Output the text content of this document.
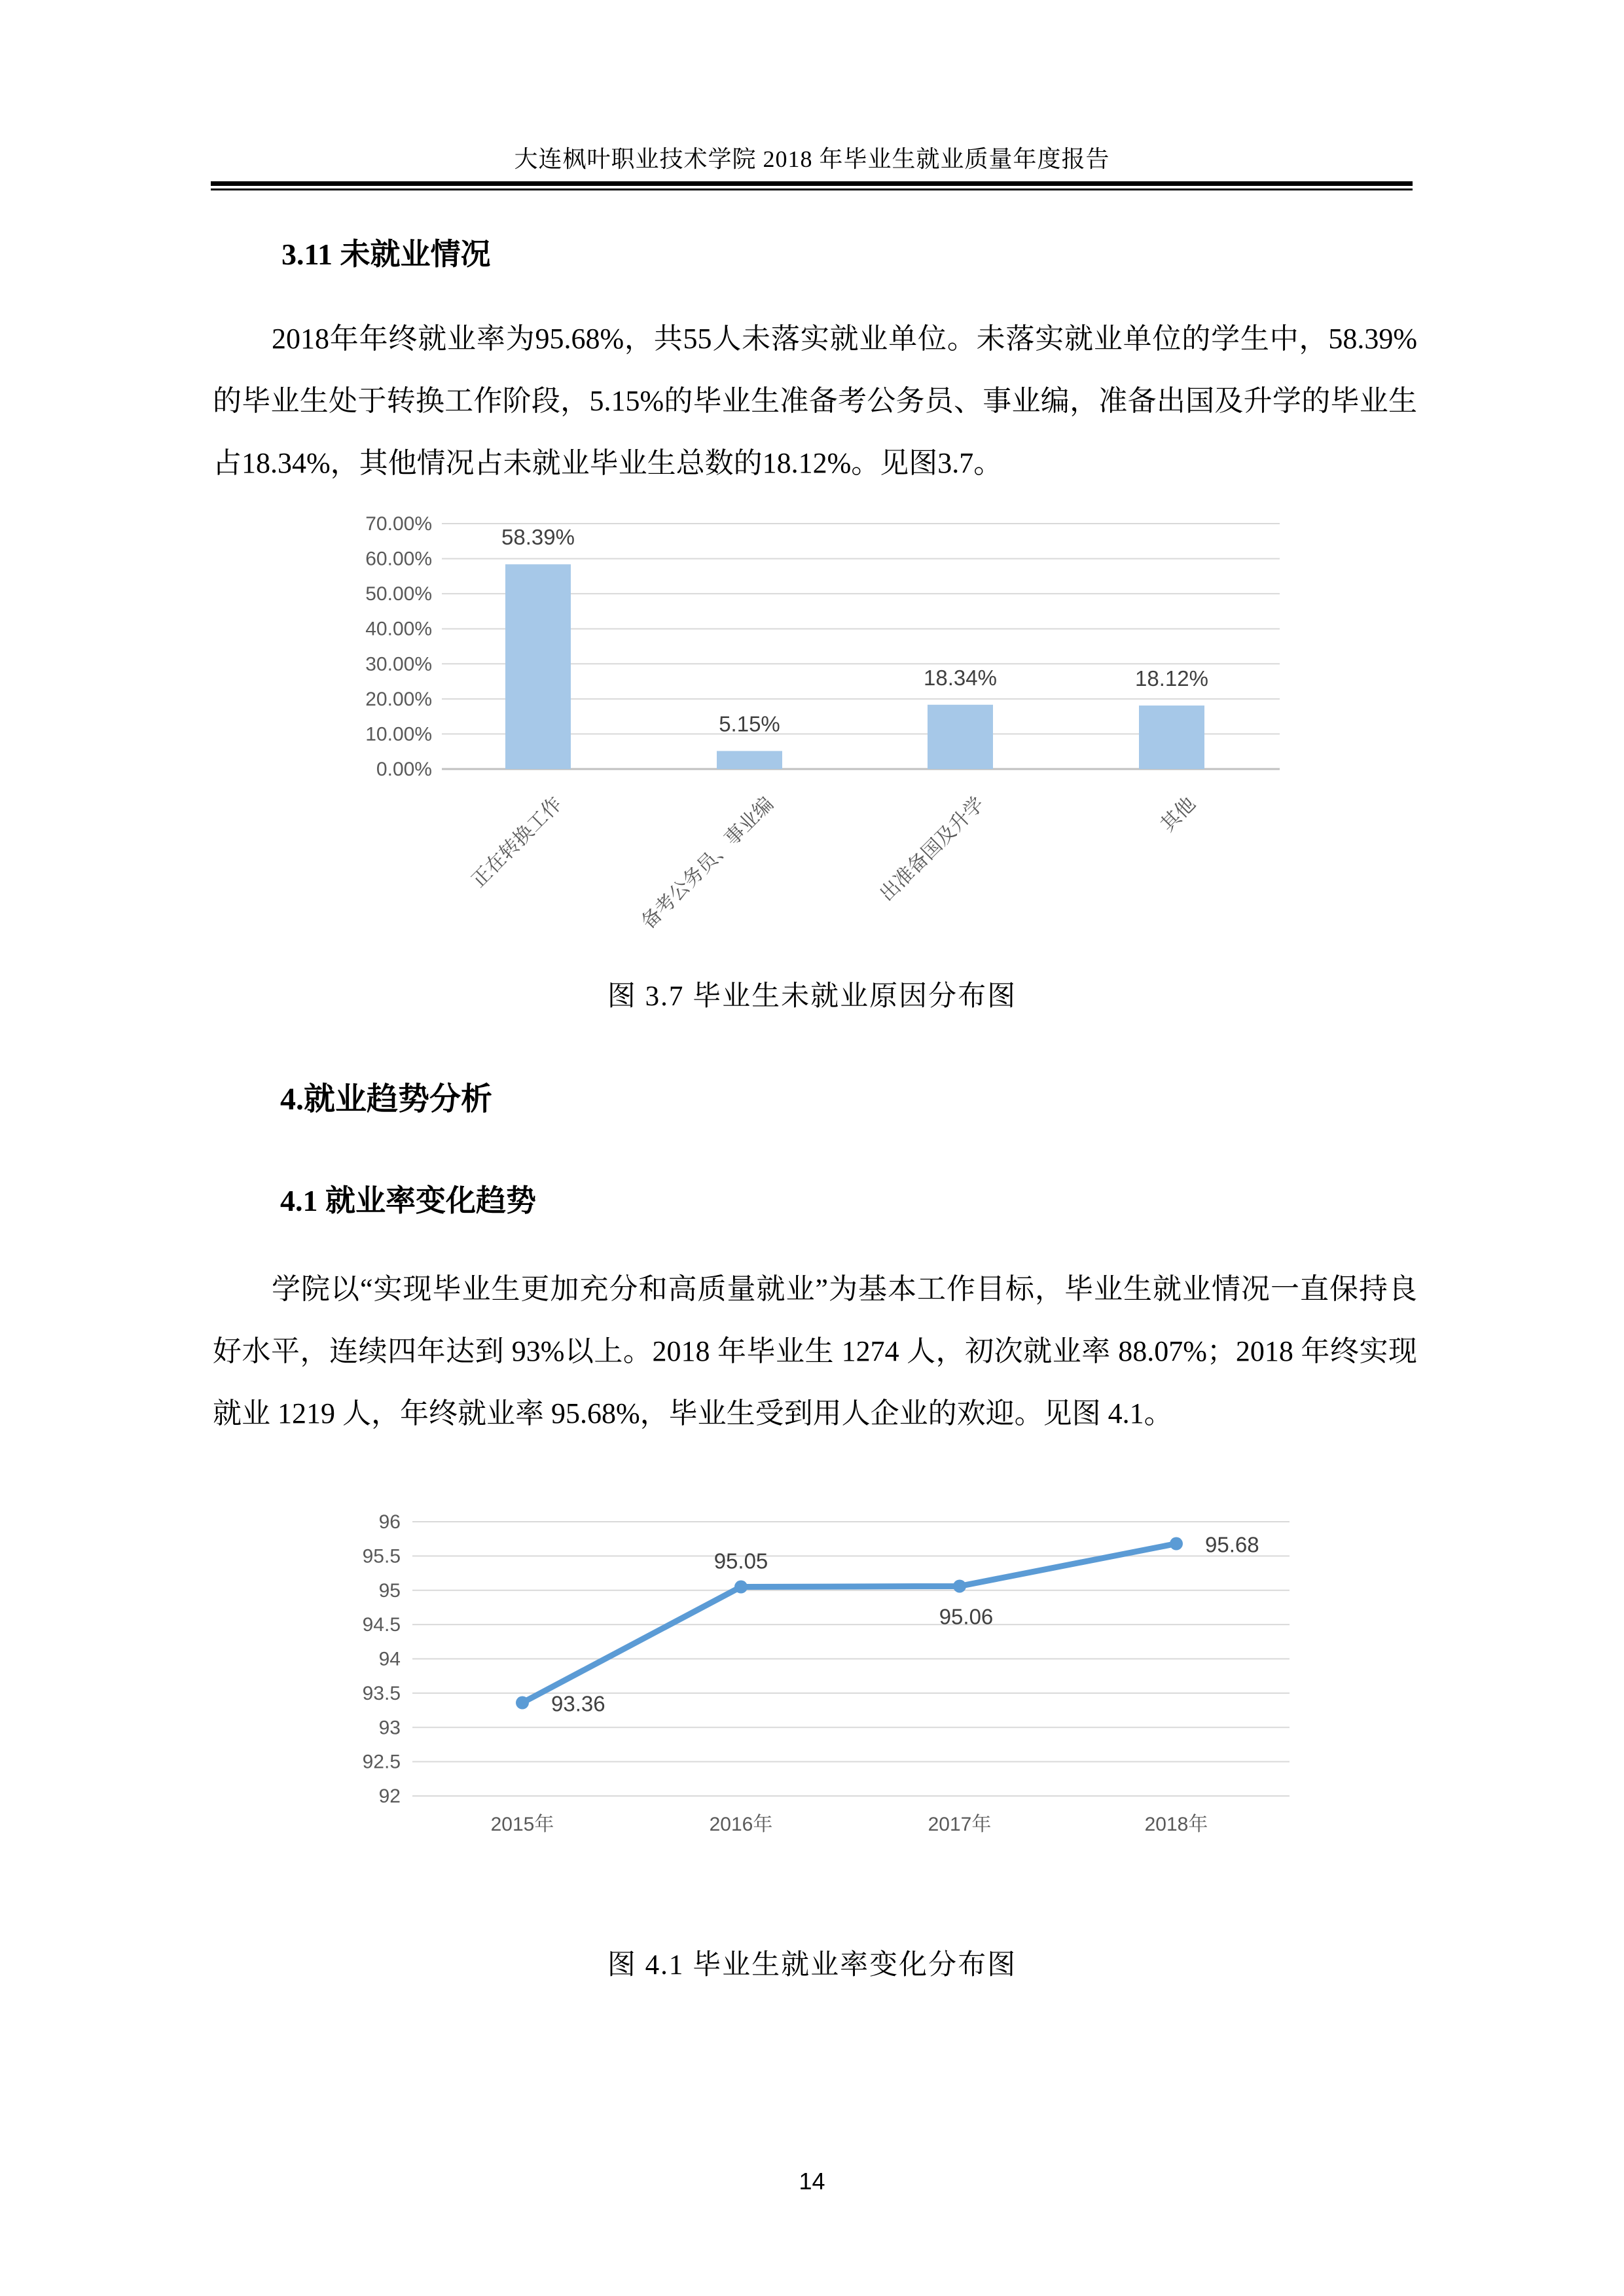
大连枫叶职业技术学院 2018 年毕业生就业质量年度报告
3.11 未就业情况

2018年年终就业率为95.68%，共55人未落实就业单位。未落实就业单位的学生中，58.39%的毕业生处于转换工作阶段，5.15%的毕业生准备考公务员、事业编，准备出国及升学的毕业生占18.34%，其他情况占未就业毕业生总数的18.12%。见图3.7。

0.00%
10.00%
20.00%
30.00%
40.00%
50.00%
60.00%
70.00%
58.39%
正在转换工作
5.15%
备考公务员、事业编
18.34%
出准备国及升学
18.12%
其他
图 3.7 毕业生未就业原因分布图
4.就业趋势分析
4.1 就业率变化趋势

学院以“实现毕业生更加充分和高质量就业”为基本工作目标，毕业生就业情况一直保持良好水平，连续四年达到 93%以上。2018 年毕业生 1274 人，初次就业率 88.07%；2018 年终实现就业 1219 人，年终就业率 95.68%，毕业生受到用人企业的欢迎。见图 4.1。

92
92.5
93
93.5
94
94.5
95
95.5
96
2015年	2016年	2017年	2018年
93.36
95.05
95.06
95.68
图 4.1 毕业生就业率变化分布图
14
